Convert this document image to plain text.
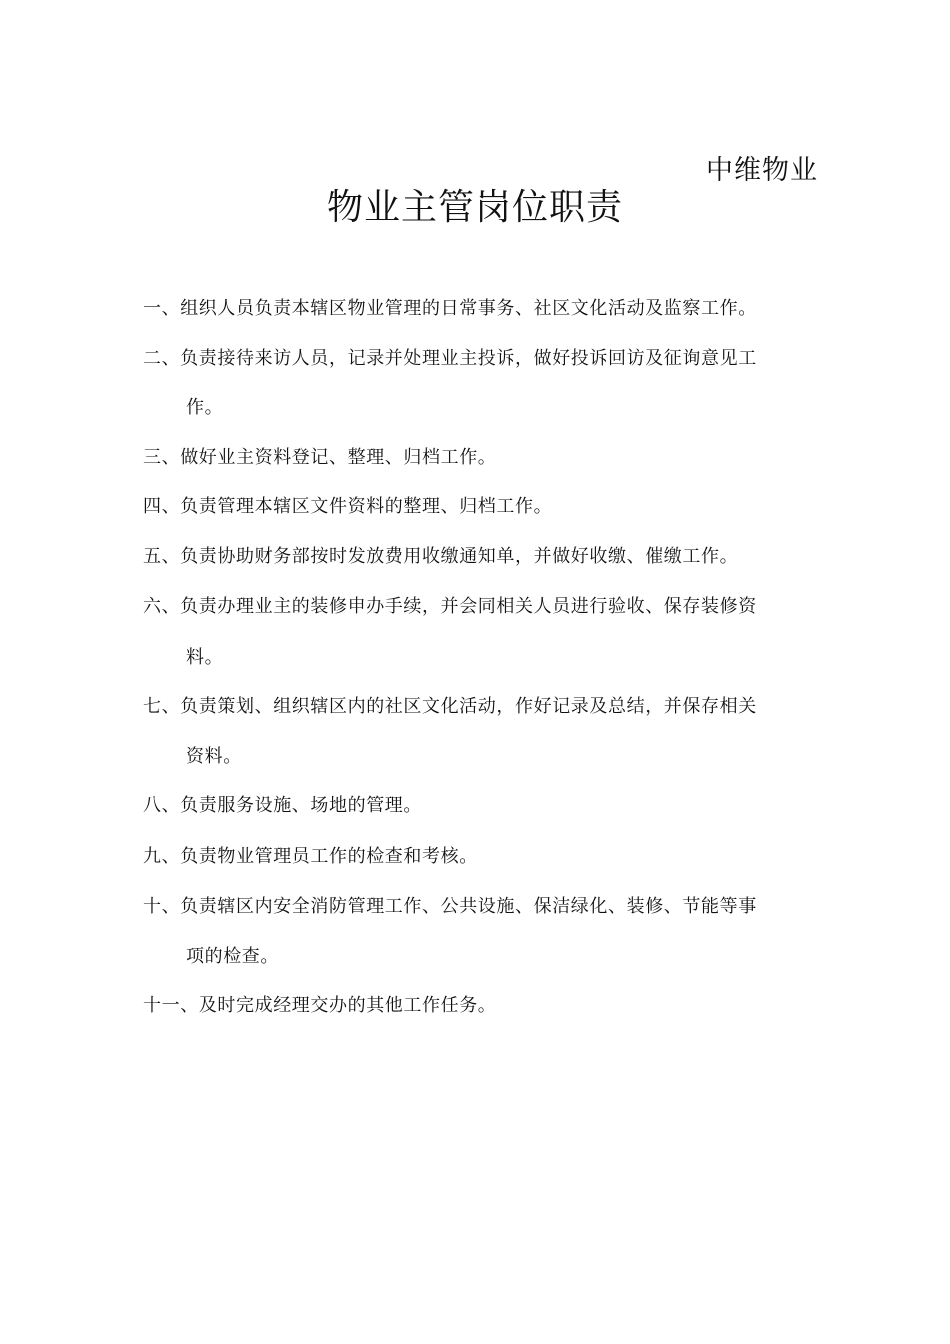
中维物业
物业主管岗位职责
一、组织人员负责本辖区物业管理的日常事务、社区文化活动及监察工作。
二、负责接待来访人员，记录并处理业主投诉，做好投诉回访及征询意见工
作。
三、做好业主资料登记、整理、归档工作。
四、负责管理本辖区文件资料的整理、归档工作。
五、负责协助财务部按时发放费用收缴通知单，并做好收缴、催缴工作。
六、负责办理业主的装修申办手续，并会同相关人员进行验收、保存装修资
料。
七、负责策划、组织辖区内的社区文化活动，作好记录及总结，并保存相关
资料。
八、负责服务设施、场地的管理。
九、负责物业管理员工作的检查和考核。
十、负责辖区内安全消防管理工作、公共设施、保洁绿化、装修、节能等事
项的检查。
十一、及时完成经理交办的其他工作任务。
